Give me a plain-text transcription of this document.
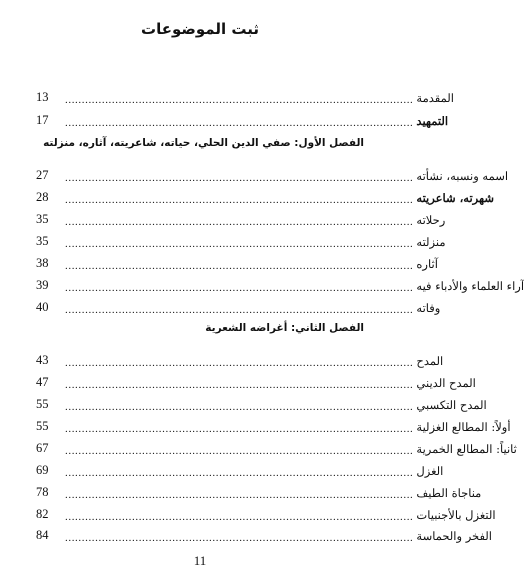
ثبت الموضوعات
13	........................................................................................................ المقدمة
17	........................................................................................................ التمهيد
الفصل الأول: صفي الدين الحلي، حياته، شاعريته، آثاره، منزلته
27	........................................................................................................ اسمه ونسبه، نشأته
28	........................................................................................................ شهرته، شاعريته
35	........................................................................................................ رحلاته
35	........................................................................................................ منزلته
38	........................................................................................................ آثاره
39	........................................................................................................ آراء العلماء والأدباء فيه
40	........................................................................................................ وفاته
الفصل الثاني: أغراضه الشعرية
43	........................................................................................................ المدح
47	........................................................................................................ المدح الديني
55	........................................................................................................ المدح التكسبي
55	........................................................................................................ أولاً: المطالع الغزلية
67	........................................................................................................ ثانياً: المطالع الخمرية
69	........................................................................................................ الغزل
78	........................................................................................................ مناجاة الطيف
82	........................................................................................................ التغزل بالأجنبيات
84	........................................................................................................ الفخر والحماسة
11
